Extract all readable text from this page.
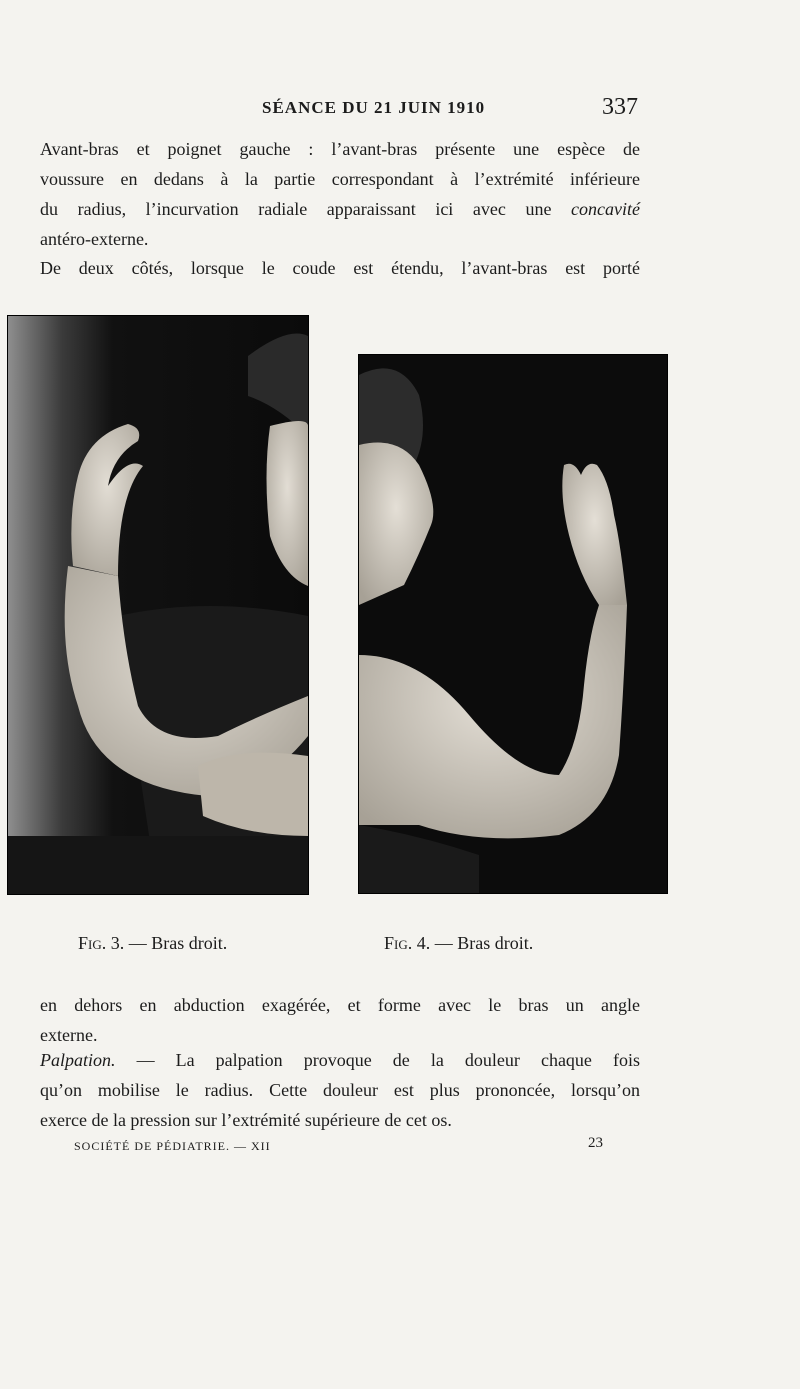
SÉANCE DU 21 JUIN 1910	337

Avant-bras et poignet gauche : l’avant-bras présente une espèce de
voussure en dedans à la partie correspondant à l’extrémité inférieure
du radius, l’incurvation radiale apparaissant ici avec une concavité
antéro-externe.

De deux côtés, lorsque le coude est étendu, l’avant-bras est porté

Fig. 3. — Bras droit.	Fig. 4. — Bras droit.

en dehors en abduction exagérée, et forme avec le bras un angle
externe.

Palpation. — La palpation provoque de la douleur chaque fois
qu’on mobilise le radius. Cette douleur est plus prononcée, lorsqu’on
exerce de la pression sur l’extrémité supérieure de cet os.

SOCIÉTÉ DE PÉDIATRIE. — XII	23
